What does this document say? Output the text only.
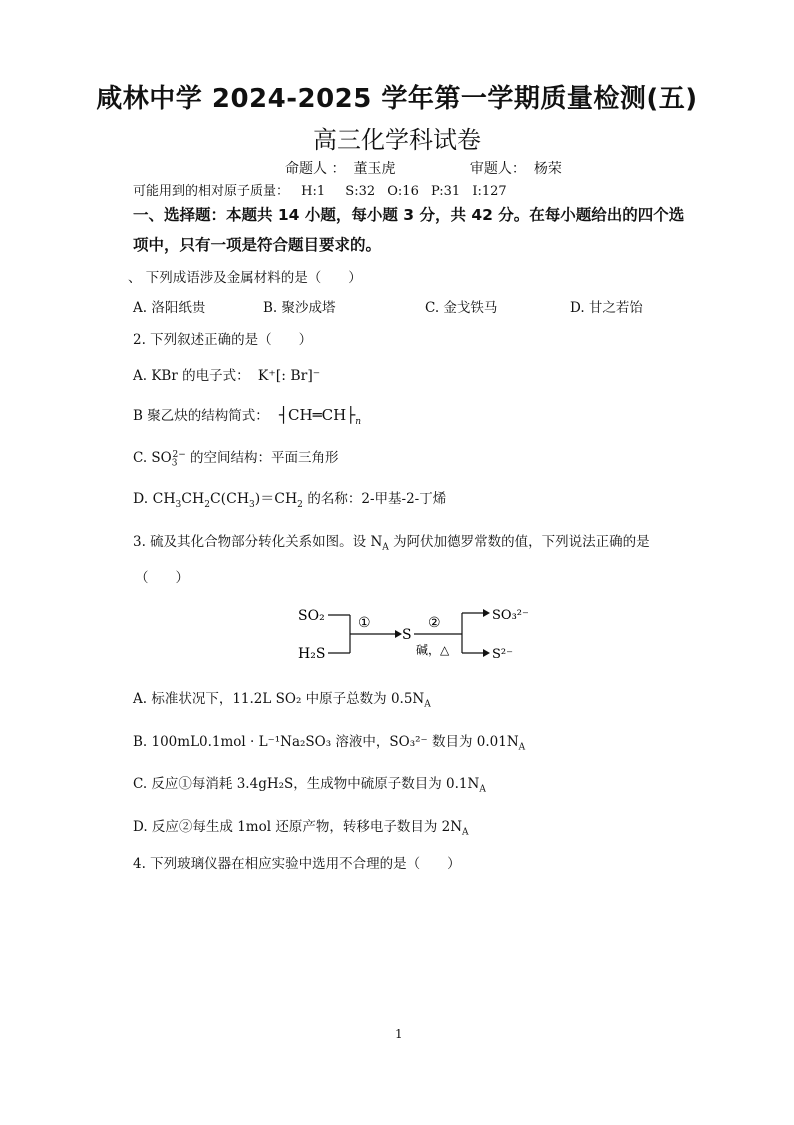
咸林中学 2024-2025 学年第一学期质量检测(五)
高三化学科试卷
命题人 ： 董玉虎	审题人： 杨荣
可能用到的相对原子质量： H:1 S:32 O:16 P:31 I:127
一、选择题：本题共 14 小题，每小题 3 分，共 42 分。在每小题给出的四个选
项中，只有一项是符合题目要求的。
、 下列成语涉及金属材料的是（　　）
A. 洛阳纸贵	B. 聚沙成塔	C. 金戈铁马	D. 甘之若饴
2. 下列叙述正确的是（　　）
A. KBr 的电子式： K⁺[: Br]⁻
B 聚乙炔的结构简式： $┤CH═CH├_n$
C. $SO_3^{2-}$ 的空间结构：平面三角形
D. $CH_3CH_2C(CH_3)=CH_2$ 的名称：2-甲基-2-丁烯
3. 硫及其化合物部分转化关系如图。设 $N_A$ 为阿伏加德罗常数的值，下列说法正确的是
（　　）
SO₂
H₂S
①
S
②
碱，△
SO₃²⁻
S²⁻
A. 标准状况下，11.2L SO₂ 中原子总数为 $0.5N_A$
B. 100mL0.1mol · L⁻¹Na₂SO₃ 溶液中，SO₃²⁻ 数目为 $0.01N_A$
C. 反应①每消耗 3.4gH₂S，生成物中硫原子数目为 $0.1N_A$
D. 反应②每生成 1mol 还原产物，转移电子数目为 $2N_A$
4. 下列玻璃仪器在相应实验中选用不合理的是（　　）
1
